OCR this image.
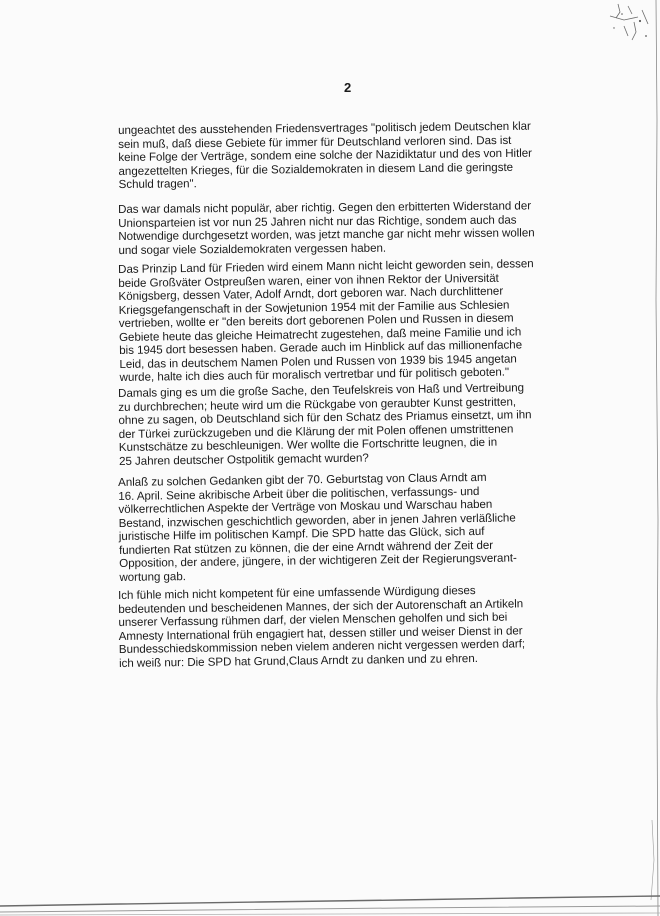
2
ungeachtet des ausstehenden Friedensvertrages "politisch jedem Deutschen klar
sein muß, daß diese Gebiete für immer für Deutschland verloren sind. Das ist
keine Folge der Verträge, sondem eine solche der Nazidiktatur und des von Hitler
angezettelten Krieges, für die Sozialdemokraten in diesem Land die geringste
Schuld tragen".
Das war damals nicht populär, aber richtig. Gegen den erbitterten Widerstand der
Unionsparteien ist vor nun 25 Jahren nicht nur das Richtige, sondem auch das
Notwendige durchgesetzt worden, was jetzt manche gar nicht mehr wissen wollen
und sogar viele Sozialdemokraten vergessen haben.
Das Prinzip Land für Frieden wird einem Mann nicht leicht geworden sein, dessen
beide Großväter Ostpreußen waren, einer von ihnen Rektor der Universität
Königsberg, dessen Vater, Adolf Arndt, dort geboren war. Nach durchlittener
Kriegsgefangenschaft in der Sowjetunion 1954 mit der Familie aus Schlesien
vertrieben, wollte er "den bereits dort geborenen Polen und Russen in diesem
Gebiete heute das gleiche Heimatrecht zugestehen, daß meine Familie und ich
bis 1945 dort besessen haben. Gerade auch im Hinblick auf das millionenfache
Leid, das in deutschem Namen Polen und Russen von 1939 bis 1945 angetan
wurde, halte ich dies auch für moralisch vertretbar und für politisch geboten."
Damals ging es um die große Sache, den Teufelskreis von Haß und Vertreibung
zu durchbrechen; heute wird um die Rückgabe von geraubter Kunst gestritten,
ohne zu sagen, ob Deutschland sich für den Schatz des Priamus einsetzt, um ihn
der Türkei zurückzugeben und die Klärung der mit Polen offenen umstrittenen
Kunstschätze zu beschleunigen. Wer wollte die Fortschritte leugnen, die in
25 Jahren deutscher Ostpolitik gemacht wurden?
Anlaß zu solchen Gedanken gibt der 70. Geburtstag von Claus Arndt am
16. April. Seine akribische Arbeit über die politischen, verfassungs- und
völkerrechtlichen Aspekte der Verträge von Moskau und Warschau haben
Bestand, inzwischen geschichtlich geworden, aber in jenen Jahren verläßliche
juristische Hilfe im politischen Kampf. Die SPD hatte das Glück, sich auf
fundierten Rat stützen zu können, die der eine Arndt während der Zeit der
Opposition, der andere, jüngere, in der wichtigeren Zeit der Regierungsverant-
wortung gab.
Ich fühle mich nicht kompetent für eine umfassende Würdigung dieses
bedeutenden und bescheidenen Mannes, der sich der Autorenschaft an Artikeln
unserer Verfassung rühmen darf, der vielen Menschen geholfen und sich bei
Amnesty International früh engagiert hat, dessen stiller und weiser Dienst in der
Bundesschiedskommission neben vielem anderen nicht vergessen werden darf;
ich weiß nur: Die SPD hat Grund,Claus Arndt zu danken und zu ehren.
